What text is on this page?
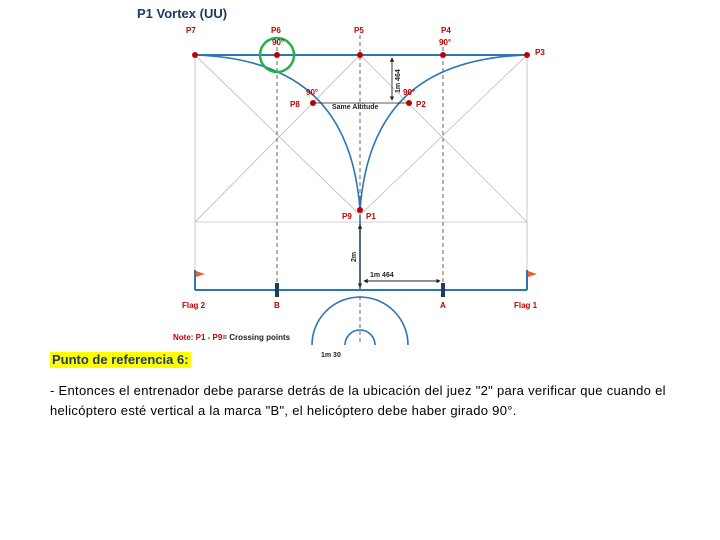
P1 Vortex (UU)
P7	P6
90°
P5	P4
90°
P3
90°
P8
90°
P2
P9 P1
Same Altitude
1m 464
2m
1m 464
1m 30
Flag 2	B	A	Flag 1
Note: P1 - P9= Crossing points

Punto de referencia 6:

- Entonces el entrenador debe pararse detrás de la ubicación del juez "2" para verificar que cuando el helicóptero esté vertical a la marca "B", el helicóptero debe haber girado 90°.
